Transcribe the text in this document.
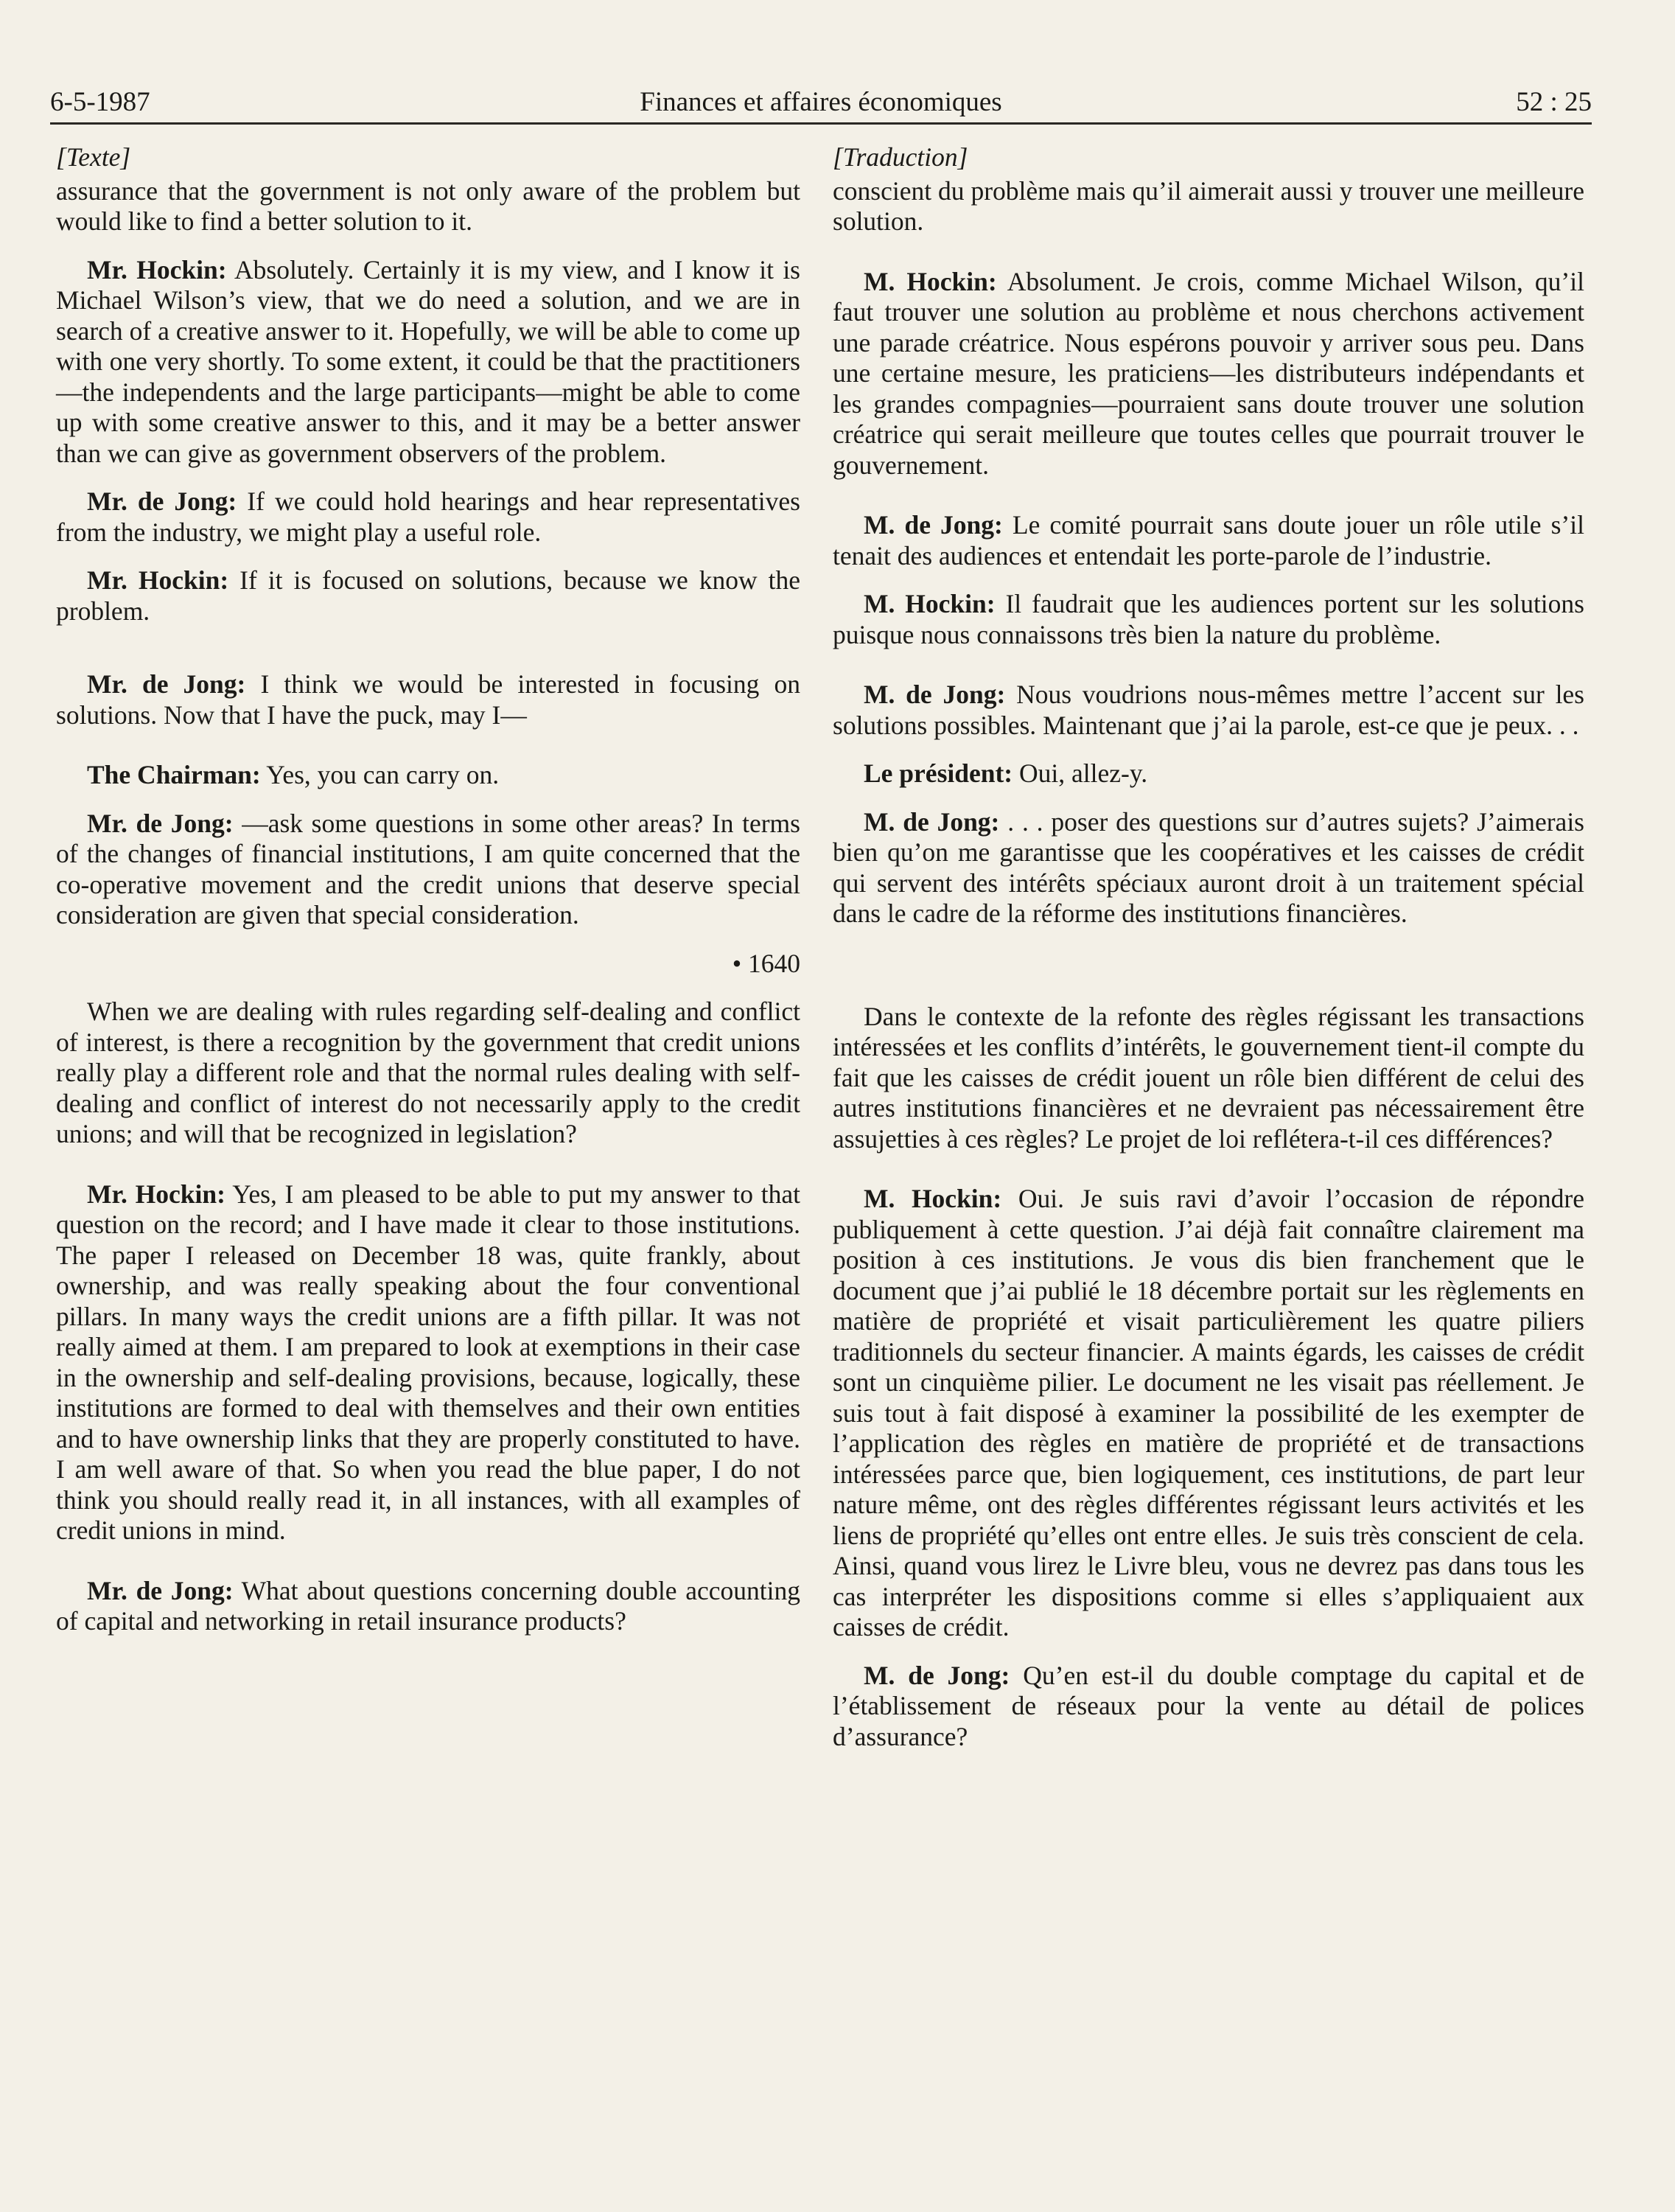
6-5-1987	Finances et affaires économiques	52 : 25

[Texte]

assurance that the government is not only aware of the problem but would like to find a better solution to it.

Mr. Hockin: Absolutely. Certainly it is my view, and I know it is Michael Wilson’s view, that we do need a solution, and we are in search of a creative answer to it. Hopefully, we will be able to come up with one very shortly. To some extent, it could be that the practitioners—the independents and the large participants—might be able to come up with some creative answer to this, and it may be a better answer than we can give as government observers of the problem.

Mr. de Jong: If we could hold hearings and hear representatives from the industry, we might play a useful role.

Mr. Hockin: If it is focused on solutions, because we know the problem.

Mr. de Jong: I think we would be interested in focusing on solutions. Now that I have the puck, may I—

The Chairman: Yes, you can carry on.

Mr. de Jong: —ask some questions in some other areas? In terms of the changes of financial institutions, I am quite concerned that the co-operative movement and the credit unions that deserve special consideration are given that special consideration.

• 1640

When we are dealing with rules regarding self-dealing and conflict of interest, is there a recognition by the government that credit unions really play a different role and that the normal rules dealing with self-dealing and conflict of interest do not necessarily apply to the credit unions; and will that be recognized in legislation?

Mr. Hockin: Yes, I am pleased to be able to put my answer to that question on the record; and I have made it clear to those institutions. The paper I released on December 18 was, quite frankly, about ownership, and was really speaking about the four conventional pillars. In many ways the credit unions are a fifth pillar. It was not really aimed at them. I am prepared to look at exemptions in their case in the ownership and self-dealing provisions, because, logically, these institutions are formed to deal with themselves and their own entities and to have ownership links that they are properly constituted to have. I am well aware of that. So when you read the blue paper, I do not think you should really read it, in all instances, with all examples of credit unions in mind.

Mr. de Jong: What about questions concerning double accounting of capital and networking in retail insurance products?

[Traduction]

conscient du problème mais qu’il aimerait aussi y trouver une meilleure solution.

M. Hockin: Absolument. Je crois, comme Michael Wilson, qu’il faut trouver une solution au problème et nous cherchons activement une parade créatrice. Nous espérons pouvoir y arriver sous peu. Dans une certaine mesure, les praticiens—les distributeurs indépendants et les grandes compagnies—pourraient sans doute trouver une solution créatrice qui serait meilleure que toutes celles que pourrait trouver le gouvernement.

M. de Jong: Le comité pourrait sans doute jouer un rôle utile s’il tenait des audiences et entendait les porte-parole de l’industrie.

M. Hockin: Il faudrait que les audiences portent sur les solutions puisque nous connaissons très bien la nature du problème.

M. de Jong: Nous voudrions nous-mêmes mettre l’accent sur les solutions possibles. Maintenant que j’ai la parole, est-ce que je peux. . .

Le président: Oui, allez-y.

M. de Jong: . . . poser des questions sur d’autres sujets? J’aimerais bien qu’on me garantisse que les coopératives et les caisses de crédit qui servent des intérêts spéciaux auront droit à un traitement spécial dans le cadre de la réforme des institutions financières.

Dans le contexte de la refonte des règles régissant les transactions intéressées et les conflits d’intérêts, le gouvernement tient-il compte du fait que les caisses de crédit jouent un rôle bien différent de celui des autres institutions financières et ne devraient pas nécessairement être assujetties à ces règles? Le projet de loi reflétera-t-il ces différences?

M. Hockin: Oui. Je suis ravi d’avoir l’occasion de répondre publiquement à cette question. J’ai déjà fait connaître clairement ma position à ces institutions. Je vous dis bien franchement que le document que j’ai publié le 18 décembre portait sur les règlements en matière de propriété et visait particulièrement les quatre piliers traditionnels du secteur financier. A maints égards, les caisses de crédit sont un cinquième pilier. Le document ne les visait pas réellement. Je suis tout à fait disposé à examiner la possibilité de les exempter de l’application des règles en matière de propriété et de transactions intéressées parce que, bien logiquement, ces institutions, de part leur nature même, ont des règles différentes régissant leurs activités et les liens de propriété qu’elles ont entre elles. Je suis très conscient de cela. Ainsi, quand vous lirez le Livre bleu, vous ne devrez pas dans tous les cas interpréter les dispositions comme si elles s’appliquaient aux caisses de crédit.

M. de Jong: Qu’en est-il du double comptage du capital et de l’établissement de réseaux pour la vente au détail de polices d’assurance?
